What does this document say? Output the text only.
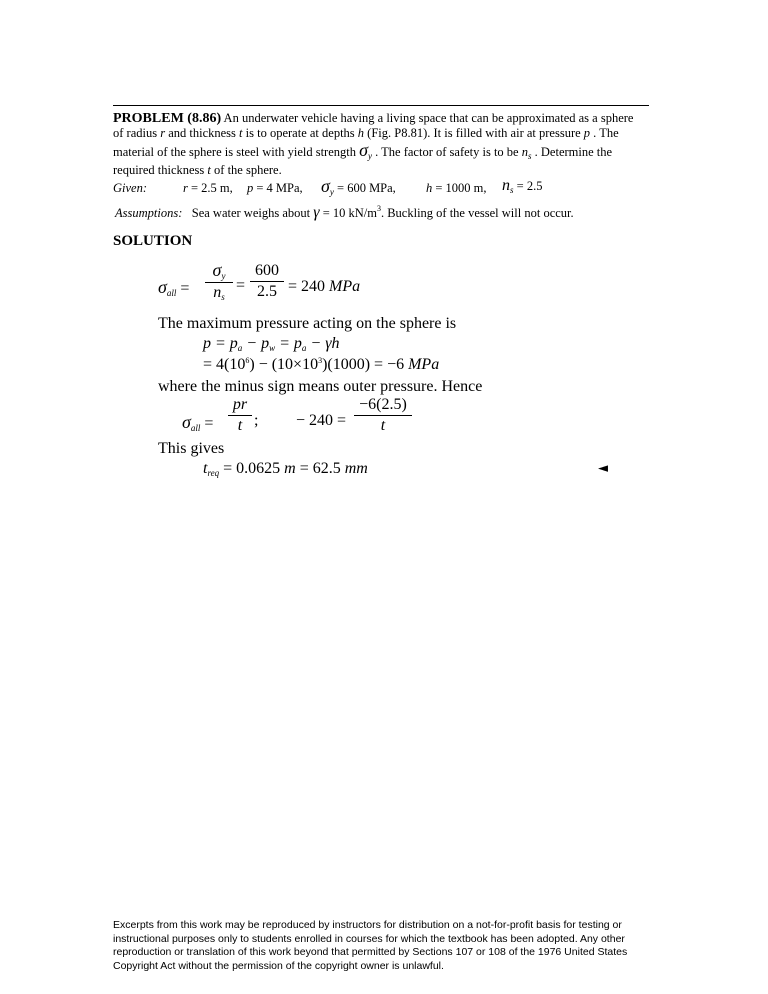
PROBLEM (8.86) An underwater vehicle having a living space that can be approximated as a sphere
of radius r and thickness t is to operate at depths h (Fig. P8.81). It is filled with air at pressure p . The
material of the sphere is steel with yield strength $\sigma_y$ . The factor of safety is to be $n_s$ . Determine the
required thickness t of the sphere.
Given:	r = 2.5 m, p = 4 MPa, $\sigma_y = 600$ MPa, h = 1000 m, $n_s = 2.5$
Assumptions: Sea water weighs about γ = 10 $kN/m^3$. Buckling of the vessel will not occur.
SOLUTION
$\sigma_{all}$ =
$\sigma_y$
$n_s$
=
600
2.5 = 240 MPa
The maximum pressure acting on the sphere is
$p = p_a - p_w = p_a - \gamma h$
= $4(10^6) - (10\times 10^3)(1000) = -6$ MPa
where the minus sign means outer pressure. Hence
$\sigma_{all}$ =
pr
t ; − 240 =
−6(2.5)
t
This gives
$t_{req} = 0.0625$ m = 62.5 mm	◄
Excerpts from this work may be reproduced by instructors for distribution on a not-for-profit basis for testing or instructional purposes only to students enrolled in courses for which the textbook has been adopted. Any other reproduction or translation of this work beyond that permitted by Sections 107 or 108 of the 1976 United States Copyright Act without the permission of the copyright owner is unlawful.
